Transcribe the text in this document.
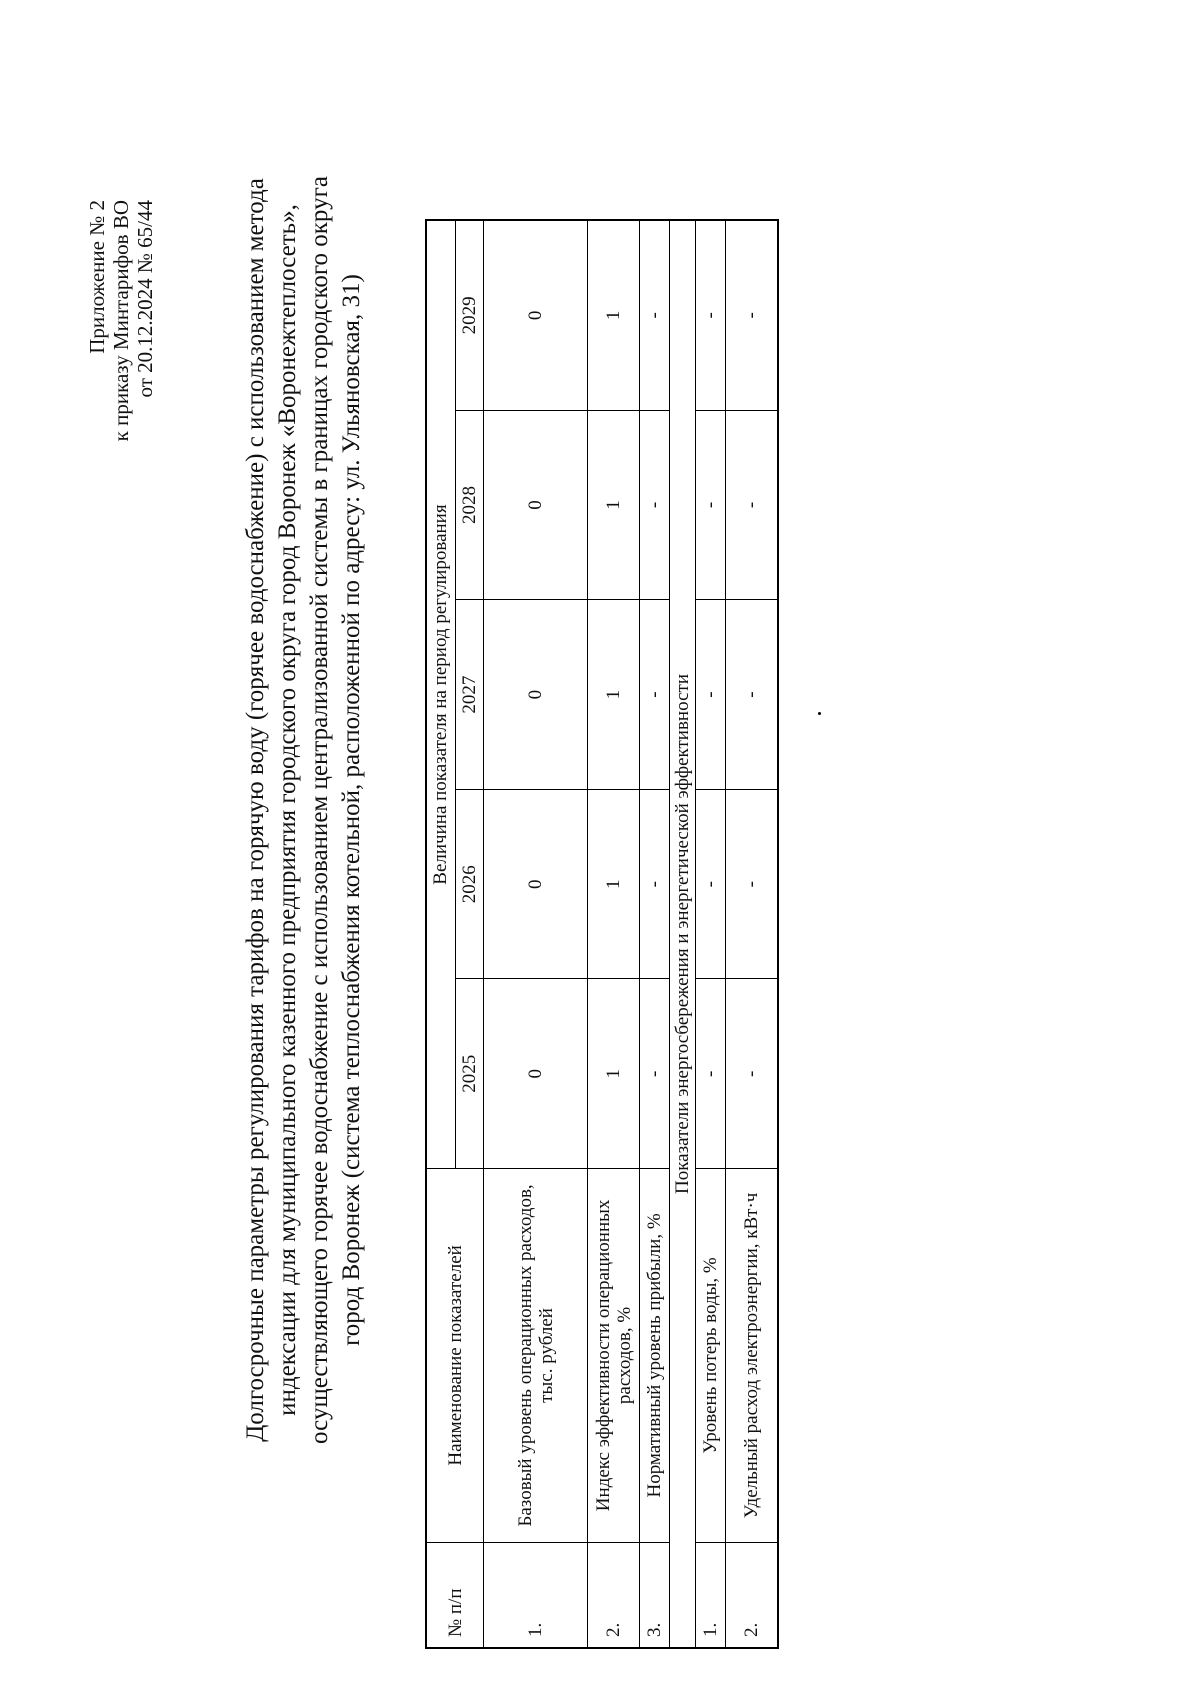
Приложение № 2 к приказу Минтарифов ВО от 20.12.2024 № 65/44	Долгосрочные параметры регулирования тарифов на горячую воду (горячее водоснабжение) с использованием метода индексации для муниципального казенного предприятия городского округа город Воронеж «Воронежтеплосеть», осуществляющего горячее водоснабжение с использованием централизованной системы в границах городского округа город Воронеж (система теплоснабжения котельной, расположенной по адресу: ул. Ульяновская, 31)
№ п/п	Наименование показателей	Величина показателя на период регулирования				
		2025	2026	2027	2028	2029
1.	Базовый уровень операционных расходов, тыс. рублей	0	0	0	0	0
2.	Индекс эффективности операционных расходов, %	1	1	1	1	1
3.	Нормативный уровень прибыли, %	-	-	-	-	-
Показатели энергосбережения и энергетической эффективности						
1.	Уровень потерь воды, %	-	-	-	-	-
2.	Удельный расход электроэнергии, кВт·ч	-	-	-	-	-
